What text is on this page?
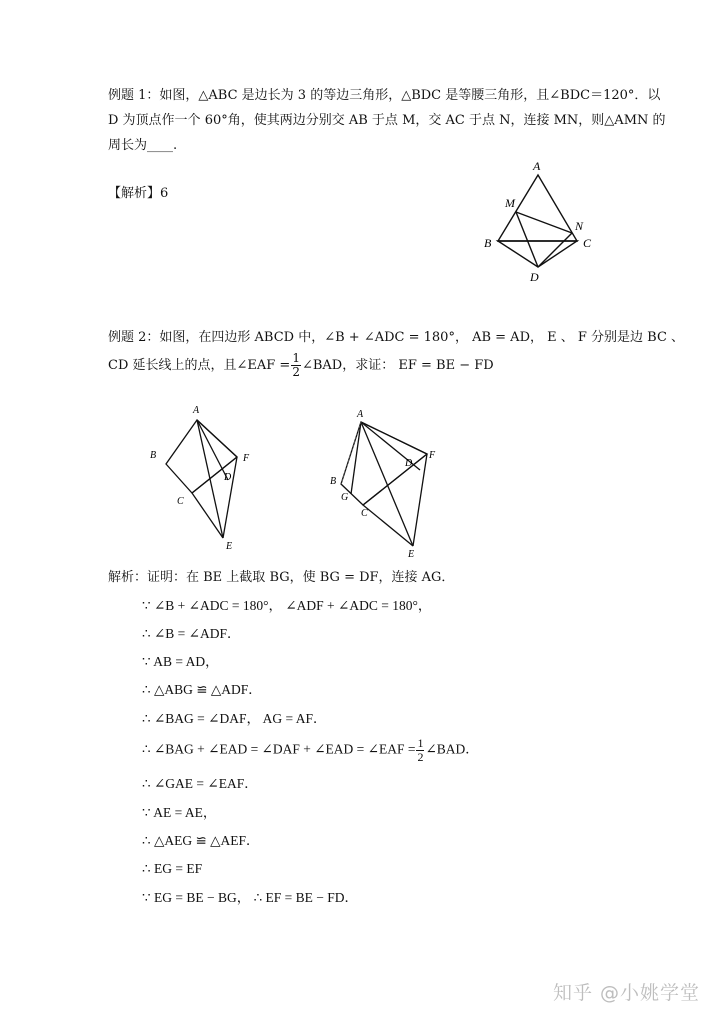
例题 1：如图，△ABC 是边长为 3 的等边三角形，△BDC 是等腰三角形，且∠BDC＝120°．以
D 为顶点作一个 60°角，使其两边分别交 AB 于点 M，交 AC 于点 N，连接 MN，则△AMN 的
周长为____.
【解析】6
A
M
N
B	C
D
例题 2：如图，在四边形 ABCD 中，∠B + ∠ADC = 180°， AB = AD， E 、 F 分别是边 BC 、
CD 延长线上的点，且∠EAF = $\frac{1}{2}$ ∠BAD，求证： EF = BE − FD
A
B	F
D
C
E
A
F
D
B
G
C
E
解析：证明：在 BE 上截取 BG，使 BG = DF，连接 AG．
∵ ∠B + ∠ADC = 180°， ∠ADF + ∠ADC = 180°，
∴ ∠B = ∠ADF．
∵ AB = AD，
∴ △ABG ≌ △ADF．
∴ ∠BAG = ∠DAF， AG = AF．
∴ ∠BAG + ∠EAD = ∠DAF + ∠EAD = ∠EAF = $\frac{1}{2}$ ∠BAD．
∴ ∠GAE = ∠EAF．
∵ AE = AE，
∴ △AEG ≌ △AEF．
∴ EG = EF
∵ EG = BE − BG， ∴ EF = BE − FD．
知乎 @小姚学堂
